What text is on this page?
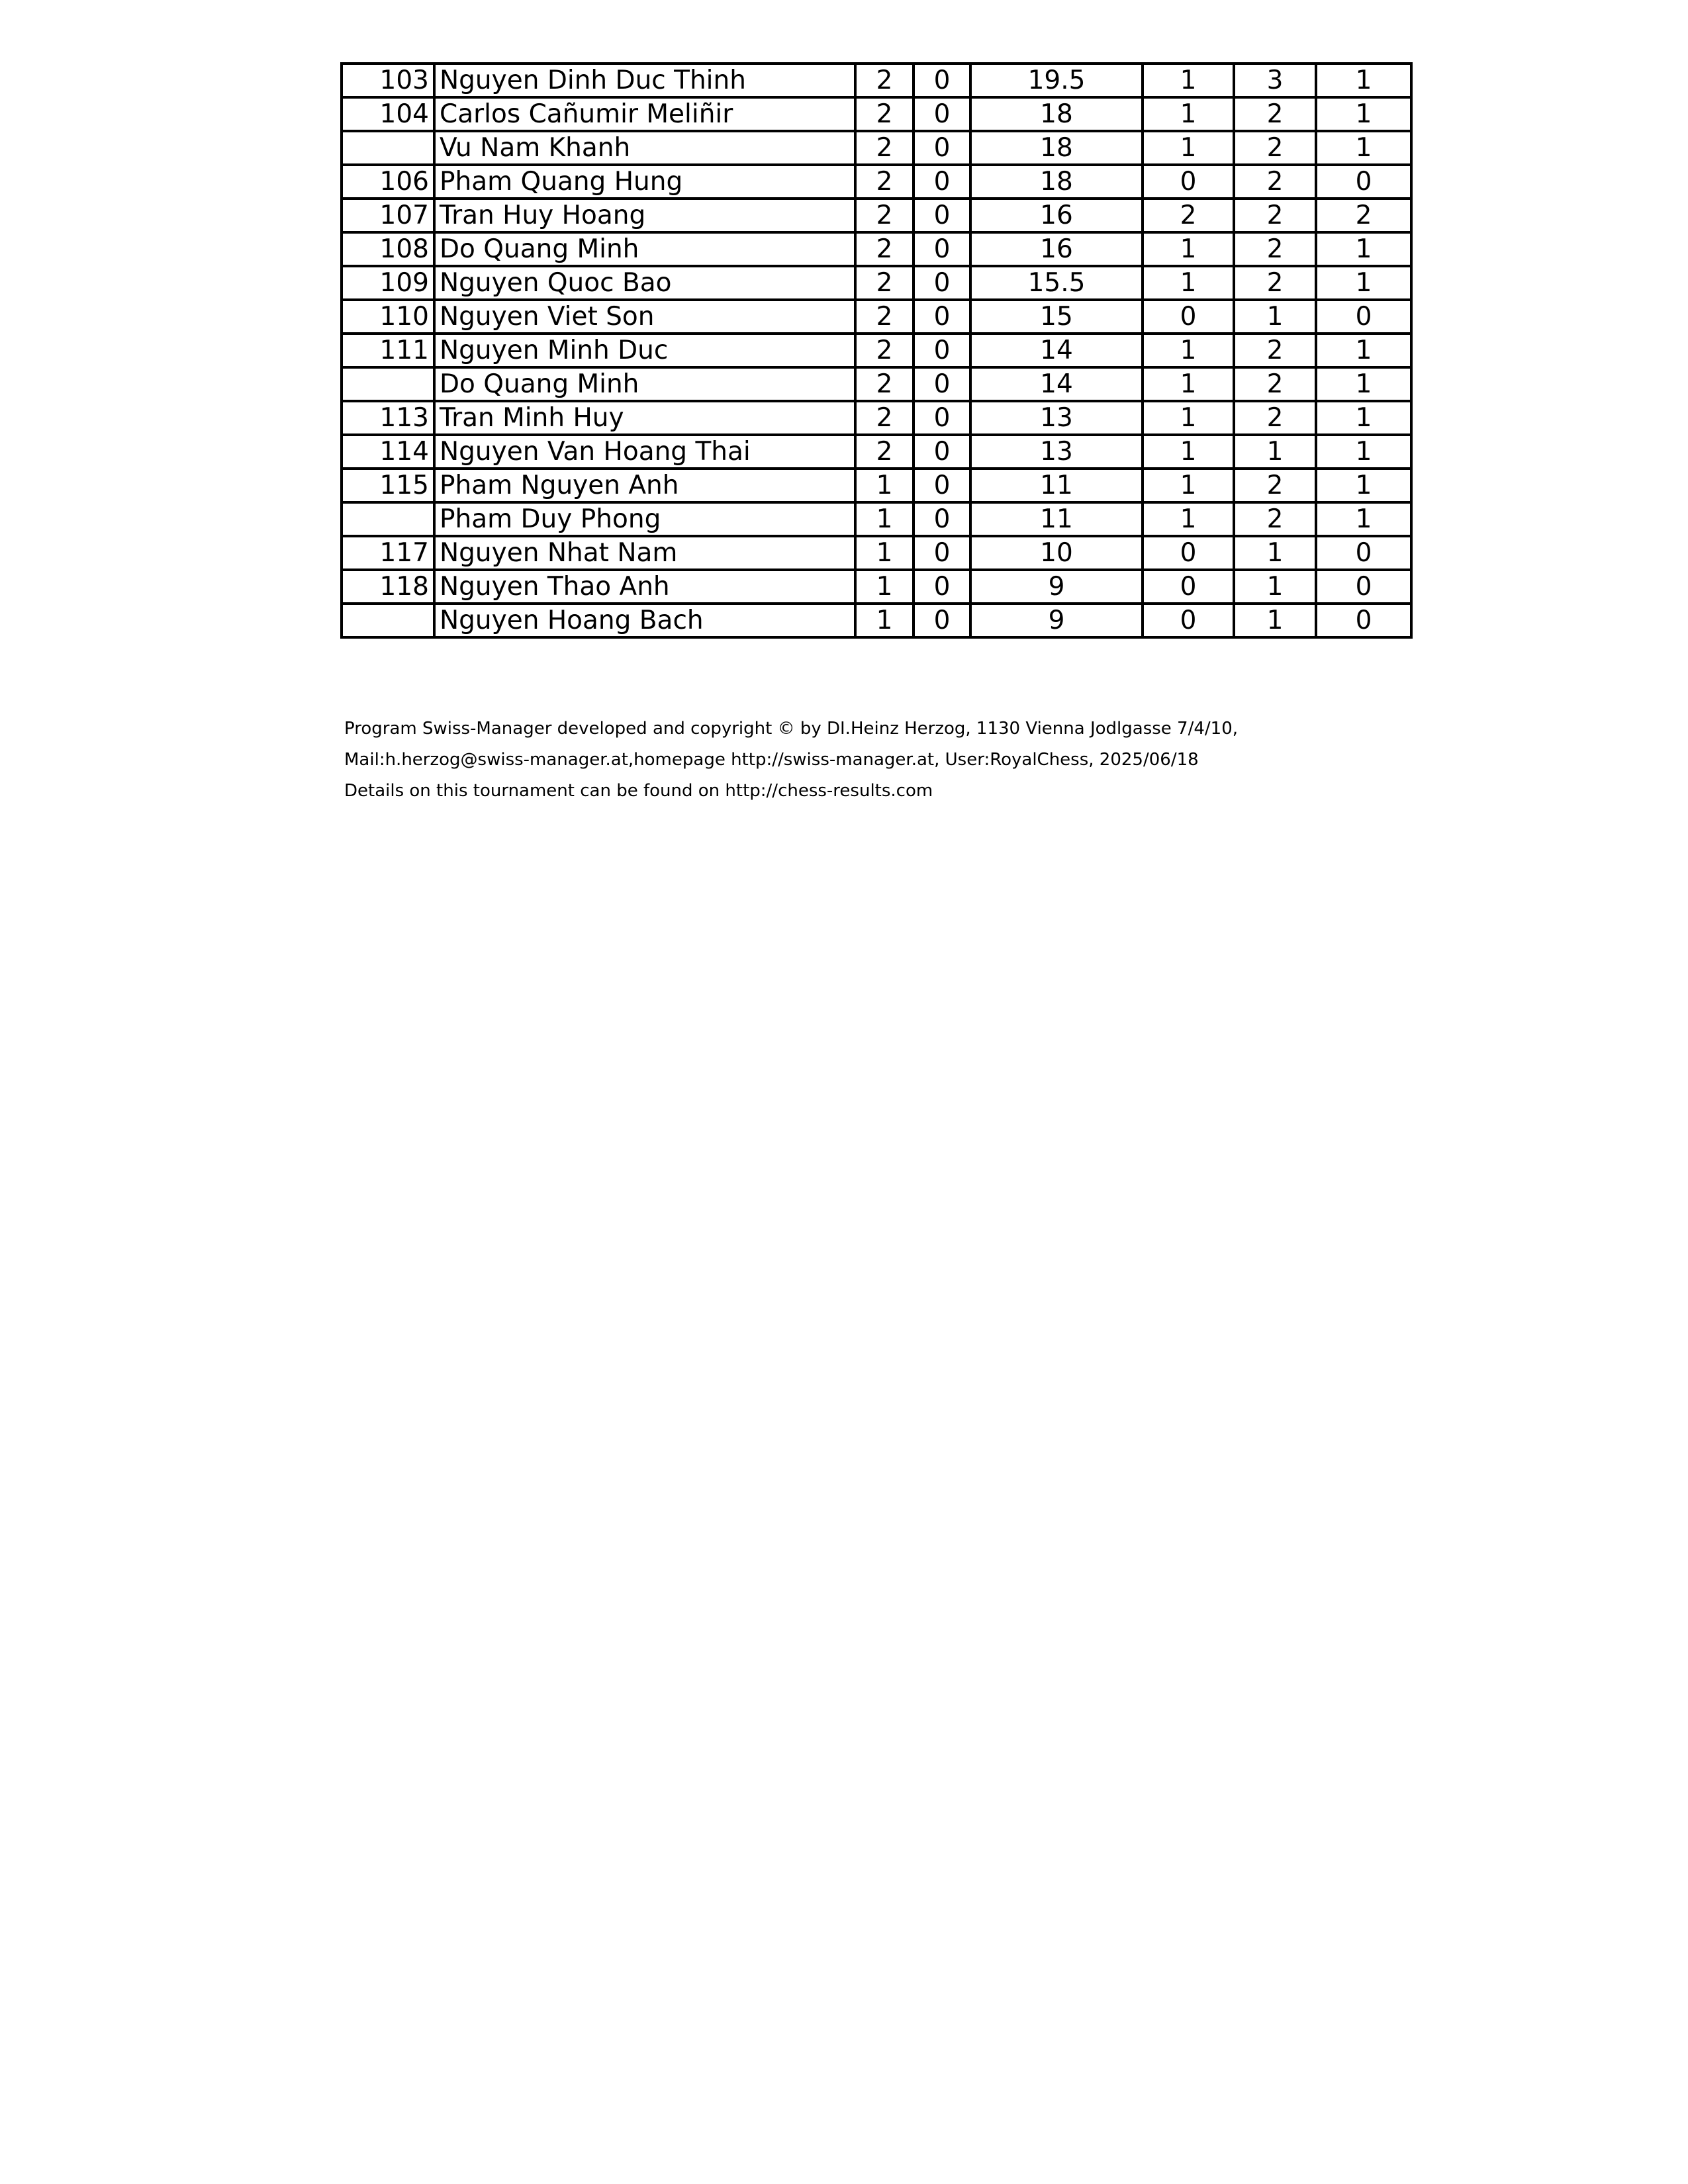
103	Nguyen Dinh Duc Thinh	2	0	19.5	1	3	1
104	Carlos Cañumir Meliñir	2	0	18	1	2	1
	Vu Nam Khanh	2	0	18	1	2	1
106	Pham Quang Hung	2	0	18	0	2	0
107	Tran Huy Hoang	2	0	16	2	2	2
108	Do Quang Minh	2	0	16	1	2	1
109	Nguyen Quoc Bao	2	0	15.5	1	2	1
110	Nguyen Viet Son	2	0	15	0	1	0
111	Nguyen Minh Duc	2	0	14	1	2	1
	Do Quang Minh	2	0	14	1	2	1
113	Tran Minh Huy	2	0	13	1	2	1
114	Nguyen Van Hoang Thai	2	0	13	1	1	1
115	Pham Nguyen Anh	1	0	11	1	2	1
	Pham Duy Phong	1	0	11	1	2	1
117	Nguyen Nhat Nam	1	0	10	0	1	0
118	Nguyen Thao Anh	1	0	9	0	1	0
	Nguyen Hoang Bach	1	0	9	0	1	0
Program Swiss-Manager developed and copyright © by DI.Heinz Herzog, 1130 Vienna Jodlgasse 7/4/10,
Mail:h.herzog@swiss-manager.at,homepage http://swiss-manager.at, User:RoyalChess, 2025/06/18
Details on this tournament can be found on http://chess-results.com
